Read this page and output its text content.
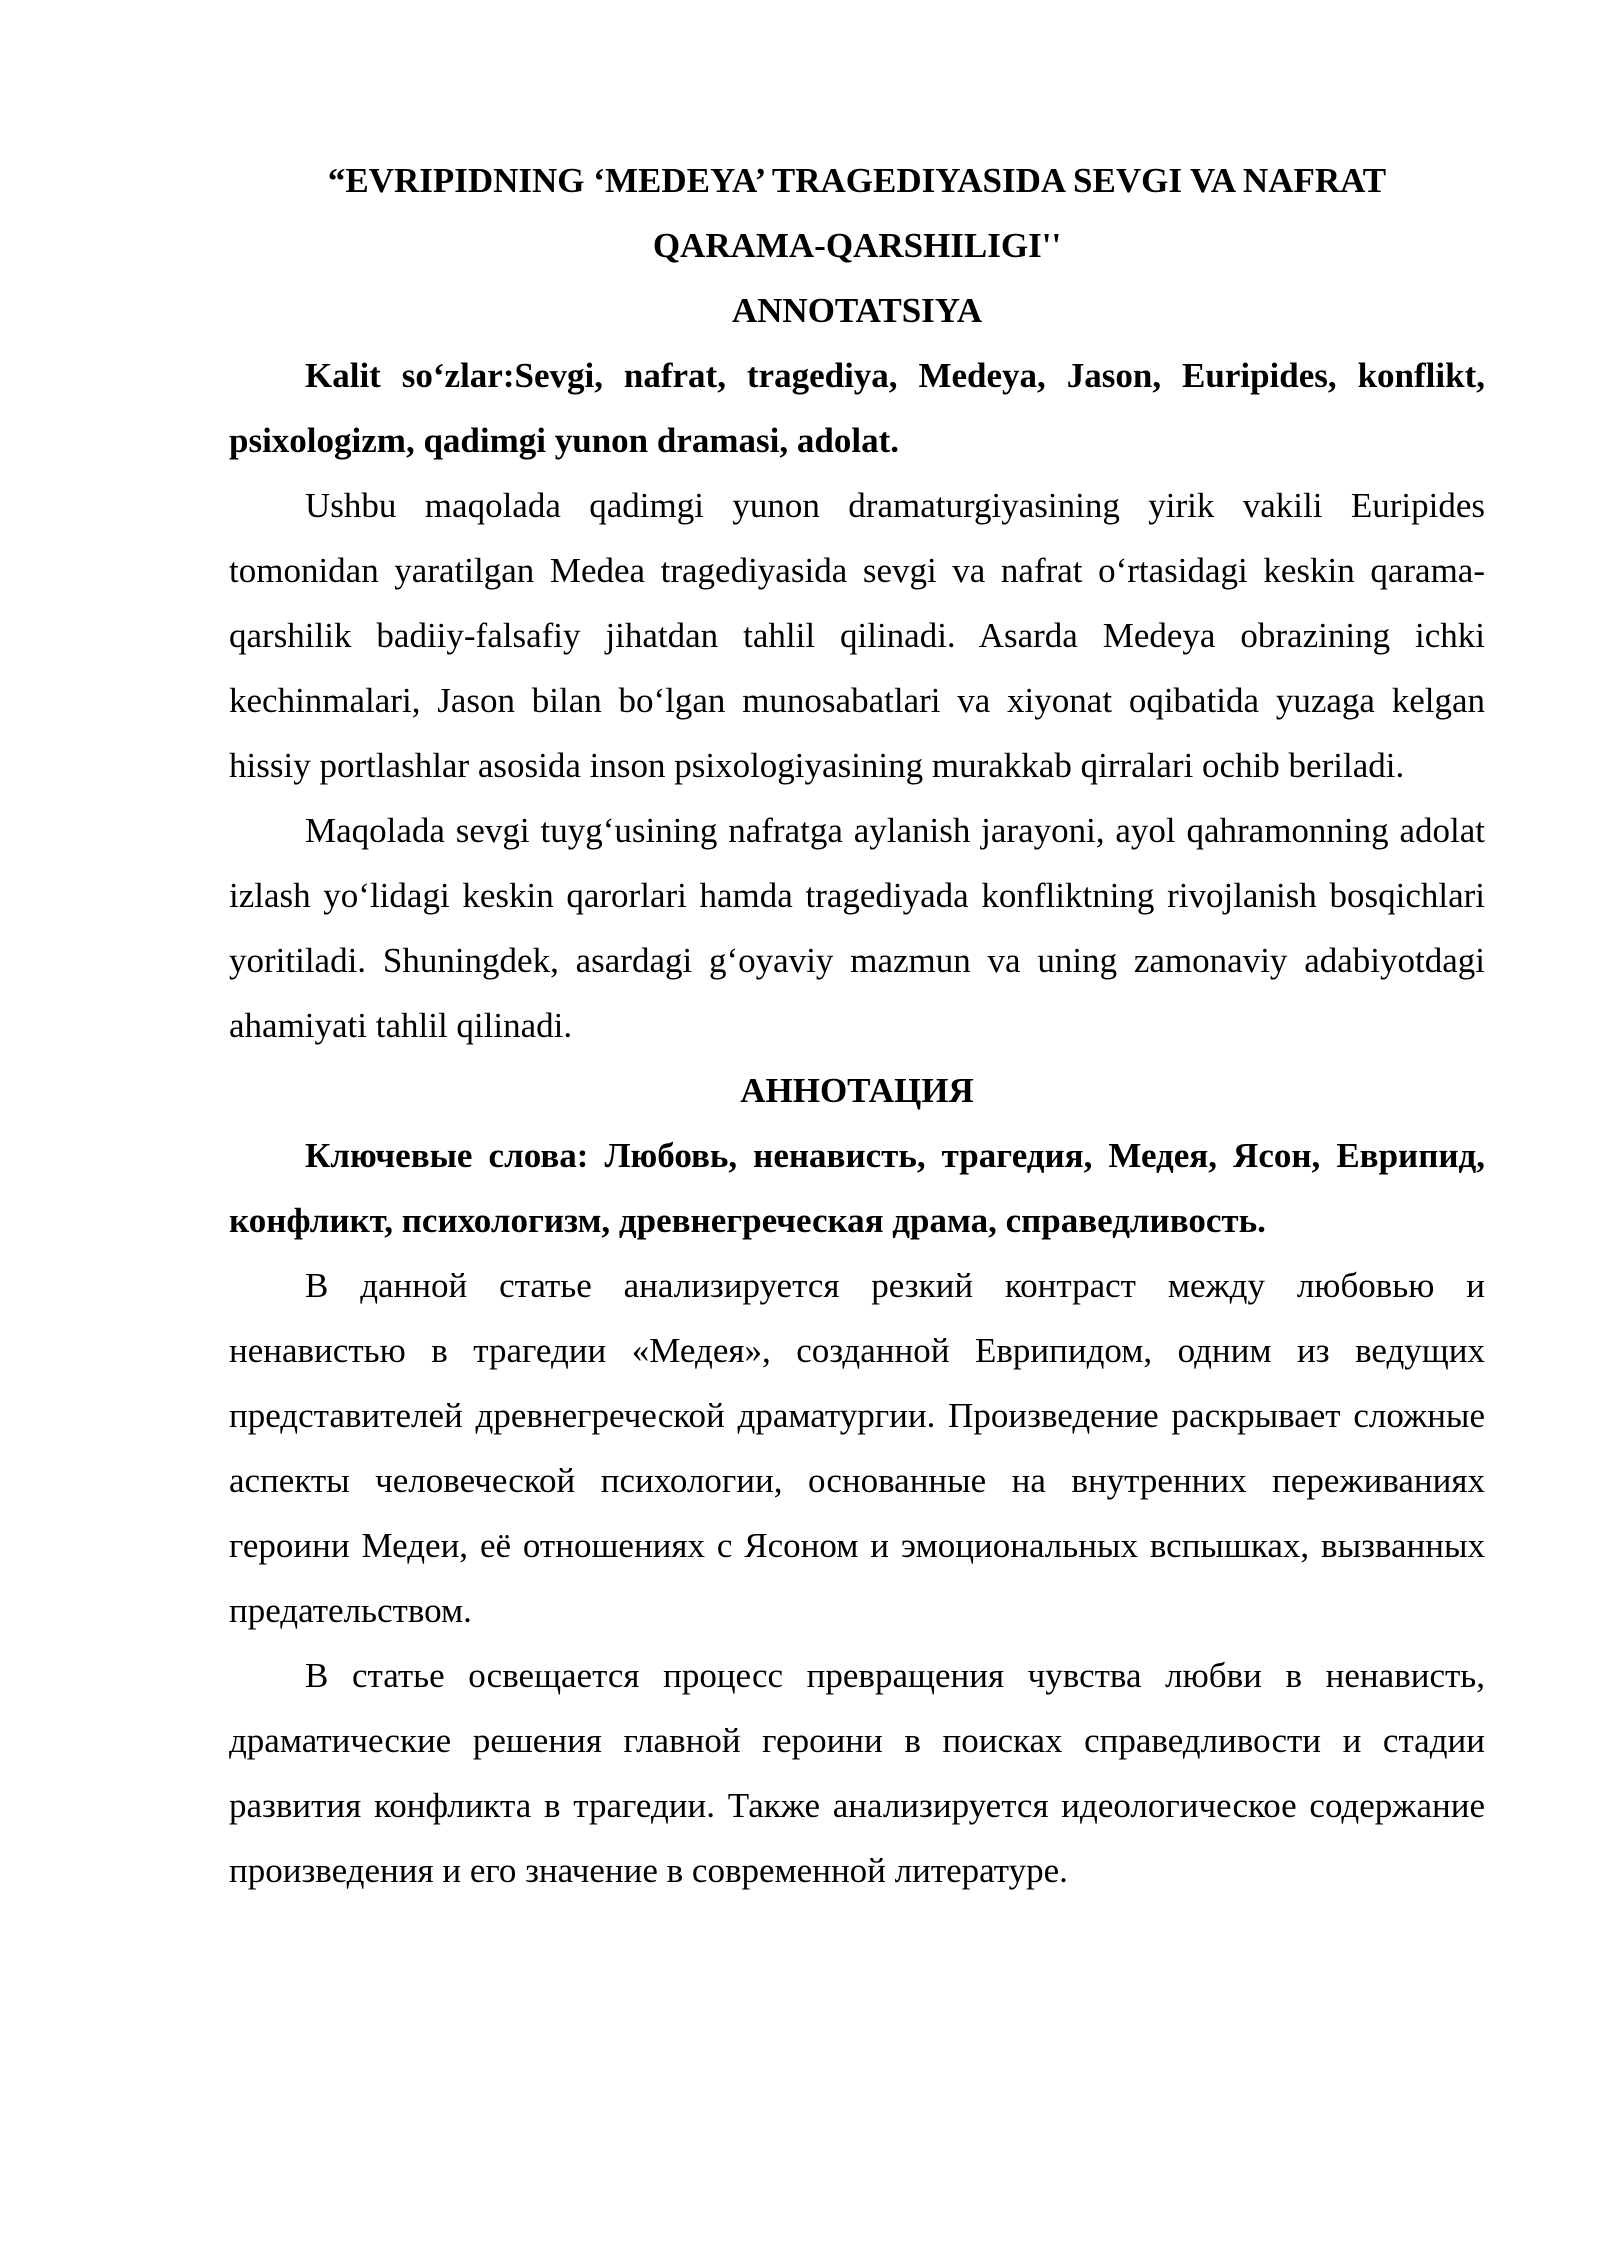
“EVRIPIDNING ‘MEDEYA’ TRAGEDIYASIDA SEVGI VA NAFRAT QARAMA-QARSHILIGI''

ANNOTATSIYA

Kalit so‘zlar:Sevgi, nafrat, tragediya, Medeya, Jason, Euripides, konflikt, psixologizm, qadimgi yunon dramasi, adolat.

Ushbu maqolada qadimgi yunon dramaturgiyasining yirik vakili Euripides tomonidan yaratilgan Medea tragediyasida sevgi va nafrat o‘rtasidagi keskin qarama-qarshilik badiiy-falsafiy jihatdan tahlil qilinadi. Asarda Medeya obrazining ichki kechinmalari, Jason bilan bo‘lgan munosabatlari va xiyonat oqibatida yuzaga kelgan hissiy portlashlar asosida inson psixologiyasining murakkab qirralari ochib beriladi.

Maqolada sevgi tuyg‘usining nafratga aylanish jarayoni, ayol qahramonning adolat izlash yo‘lidagi keskin qarorlari hamda tragediyada konfliktning rivojlanish bosqichlari yoritiladi. Shuningdek, asardagi g‘oyaviy mazmun va uning zamonaviy adabiyotdagi ahamiyati tahlil qilinadi.

АННОТАЦИЯ

Ключевые слова: Любовь, ненависть, трагедия, Медея, Ясон, Еврипид, конфликт, психологизм, древнегреческая драма, справедливость.

В данной статье анализируется резкий контраст между любовью и ненавистью в трагедии «Медея», созданной Еврипидом, одним из ведущих представителей древнегреческой драматургии. Произведение раскрывает сложные аспекты человеческой психологии, основанные на внутренних переживаниях героини Медеи, её отношениях с Ясоном и эмоциональных вспышках, вызванных предательством.

В статье освещается процесс превращения чувства любви в ненависть, драматические решения главной героини в поисках справедливости и стадии развития конфликта в трагедии. Также анализируется идеологическое содержание произведения и его значение в современной литературе.
